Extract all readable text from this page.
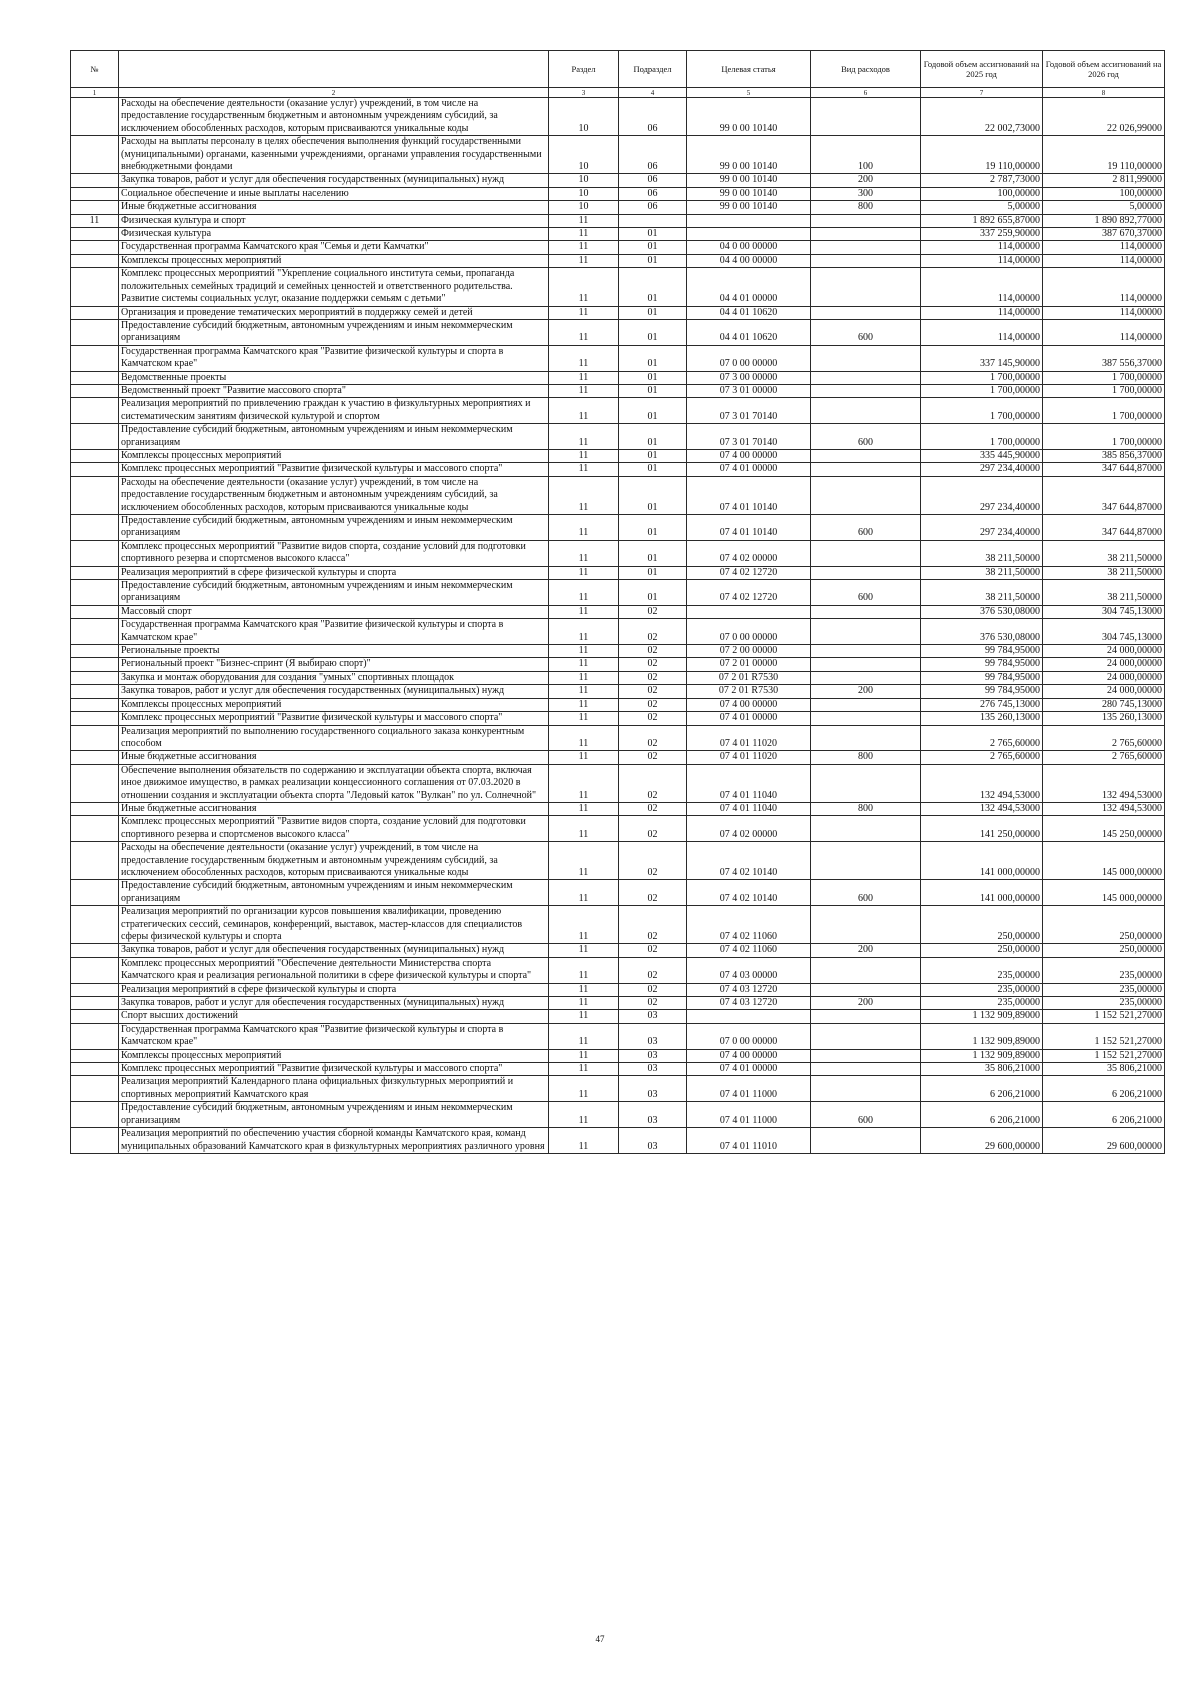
№		Раздел	Подраздел	Целевая статья	Вид расходов	Годовой объем ассигнований на 2025 год	Годовой объем ассигнований на 2026 год
1	2	3	4	5	6	7	8
	Расходы на обеспечение деятельности (оказание услуг) учреждений, в том числе на предоставление государственным бюджетным и автономным учреждениям субсидий, за исключением обособленных расходов, которым присваиваются уникальные коды	10	06	99 0 00 10140		22 002,73000	22 026,99000
	Расходы на выплаты персоналу в целях обеспечения выполнения функций государственными (муниципальными) органами, казенными учреждениями, органами управления государственными внебюджетными фондами	10	06	99 0 00 10140	100	19 110,00000	19 110,00000
	Закупка товаров, работ и услуг для обеспечения государственных (муниципальных) нужд	10	06	99 0 00 10140	200	2 787,73000	2 811,99000
	Социальное обеспечение и иные выплаты населению	10	06	99 0 00 10140	300	100,00000	100,00000
	Иные бюджетные ассигнования	10	06	99 0 00 10140	800	5,00000	5,00000
11	Физическая культура и спорт	11				1 892 655,87000	1 890 892,77000
	Физическая культура	11	01			337 259,90000	387 670,37000
	Государственная программа Камчатского края "Семья и дети Камчатки"	11	01	04 0 00 00000		114,00000	114,00000
	Комплексы процессных мероприятий	11	01	04 4 00 00000		114,00000	114,00000
	Комплекс процессных мероприятий "Укрепление социального института семьи, пропаганда положительных семейных традиций и семейных ценностей и ответственного родительства. Развитие системы социальных услуг, оказание поддержки семьям с детьми"	11	01	04 4 01 00000		114,00000	114,00000
	Организация и проведение тематических мероприятий в поддержку семей и детей	11	01	04 4 01 10620		114,00000	114,00000
	Предоставление субсидий бюджетным, автономным учреждениям и иным некоммерческим организациям	11	01	04 4 01 10620	600	114,00000	114,00000
	Государственная программа Камчатского края "Развитие физической культуры и спорта в Камчатском крае"	11	01	07 0 00 00000		337 145,90000	387 556,37000
	Ведомственные проекты	11	01	07 3 00 00000		1 700,00000	1 700,00000
	Ведомственный проект "Развитие массового спорта"	11	01	07 3 01 00000		1 700,00000	1 700,00000
	Реализация мероприятий по привлечению граждан к участию в физкультурных мероприятиях и систематическим занятиям физической культурой и спортом	11	01	07 3 01 70140		1 700,00000	1 700,00000
	Предоставление субсидий бюджетным, автономным учреждениям и иным некоммерческим организациям	11	01	07 3 01 70140	600	1 700,00000	1 700,00000
	Комплексы процессных мероприятий	11	01	07 4 00 00000		335 445,90000	385 856,37000
	Комплекс процессных мероприятий "Развитие физической культуры и массового спорта"	11	01	07 4 01 00000		297 234,40000	347 644,87000
	Расходы на обеспечение деятельности (оказание услуг) учреждений, в том числе на предоставление государственным бюджетным и автономным учреждениям субсидий, за исключением обособленных расходов, которым присваиваются уникальные коды	11	01	07 4 01 10140		297 234,40000	347 644,87000
	Предоставление субсидий бюджетным, автономным учреждениям и иным некоммерческим организациям	11	01	07 4 01 10140	600	297 234,40000	347 644,87000
	Комплекс процессных мероприятий "Развитие видов спорта, создание условий для подготовки спортивного резерва и спортсменов высокого класса"	11	01	07 4 02 00000		38 211,50000	38 211,50000
	Реализация мероприятий в сфере физической культуры и спорта	11	01	07 4 02 12720		38 211,50000	38 211,50000
	Предоставление субсидий бюджетным, автономным учреждениям и иным некоммерческим организациям	11	01	07 4 02 12720	600	38 211,50000	38 211,50000
	Массовый спорт	11	02			376 530,08000	304 745,13000
	Государственная программа Камчатского края "Развитие физической культуры и спорта в Камчатском крае"	11	02	07 0 00 00000		376 530,08000	304 745,13000
	Региональные проекты	11	02	07 2 00 00000		99 784,95000	24 000,00000
	Региональный проект "Бизнес-спринт (Я выбираю спорт)"	11	02	07 2 01 00000		99 784,95000	24 000,00000
	Закупка и монтаж оборудования для создания "умных" спортивных площадок	11	02	07 2 01 R7530		99 784,95000	24 000,00000
	Закупка товаров, работ и услуг для обеспечения государственных (муниципальных) нужд	11	02	07 2 01 R7530	200	99 784,95000	24 000,00000
	Комплексы процессных мероприятий	11	02	07 4 00 00000		276 745,13000	280 745,13000
	Комплекс процессных мероприятий "Развитие физической культуры и массового спорта"	11	02	07 4 01 00000		135 260,13000	135 260,13000
	Реализация мероприятий по выполнению государственного социального заказа конкурентным способом	11	02	07 4 01 11020		2 765,60000	2 765,60000
	Иные бюджетные ассигнования	11	02	07 4 01 11020	800	2 765,60000	2 765,60000
	Обеспечение выполнения обязательств по содержанию и эксплуатации объекта спорта, включая иное движимое имущество, в рамках реализации концессионного соглашения от 07.03.2020 в отношении создания и эксплуатации объекта спорта "Ледовый каток "Вулкан" по ул. Солнечной"	11	02	07 4 01 11040		132 494,53000	132 494,53000
	Иные бюджетные ассигнования	11	02	07 4 01 11040	800	132 494,53000	132 494,53000
	Комплекс процессных мероприятий "Развитие видов спорта, создание условий для подготовки спортивного резерва и спортсменов высокого класса"	11	02	07 4 02 00000		141 250,00000	145 250,00000
	Расходы на обеспечение деятельности (оказание услуг) учреждений, в том числе на предоставление государственным бюджетным и автономным учреждениям субсидий, за исключением обособленных расходов, которым присваиваются уникальные коды	11	02	07 4 02 10140		141 000,00000	145 000,00000
	Предоставление субсидий бюджетным, автономным учреждениям и иным некоммерческим организациям	11	02	07 4 02 10140	600	141 000,00000	145 000,00000
	Реализация мероприятий по организации курсов повышения квалификации, проведению стратегических сессий, семинаров, конференций, выставок, мастер-классов для специалистов сферы физической культуры и спорта	11	02	07 4 02 11060		250,00000	250,00000
	Закупка товаров, работ и услуг для обеспечения государственных (муниципальных) нужд	11	02	07 4 02 11060	200	250,00000	250,00000
	Комплекс процессных мероприятий "Обеспечение деятельности Министерства спорта Камчатского края и реализация региональной политики в сфере физической культуры и спорта"	11	02	07 4 03 00000		235,00000	235,00000
	Реализация мероприятий в сфере физической культуры и спорта	11	02	07 4 03 12720		235,00000	235,00000
	Закупка товаров, работ и услуг для обеспечения государственных (муниципальных) нужд	11	02	07 4 03 12720	200	235,00000	235,00000
	Спорт высших достижений	11	03			1 132 909,89000	1 152 521,27000
	Государственная программа Камчатского края "Развитие физической культуры и спорта в Камчатском крае"	11	03	07 0 00 00000		1 132 909,89000	1 152 521,27000
	Комплексы процессных мероприятий	11	03	07 4 00 00000		1 132 909,89000	1 152 521,27000
	Комплекс процессных мероприятий "Развитие физической культуры и массового спорта"	11	03	07 4 01 00000		35 806,21000	35 806,21000
	Реализация мероприятий Календарного плана официальных физкультурных мероприятий и спортивных мероприятий Камчатского края	11	03	07 4 01 11000		6 206,21000	6 206,21000
	Предоставление субсидий бюджетным, автономным учреждениям и иным некоммерческим организациям	11	03	07 4 01 11000	600	6 206,21000	6 206,21000
	Реализация мероприятий по обеспечению участия сборной команды Камчатского края, команд муниципальных образований Камчатского края в физкультурных мероприятиях различного уровня	11	03	07 4 01 11010		29 600,00000	29 600,00000
47
